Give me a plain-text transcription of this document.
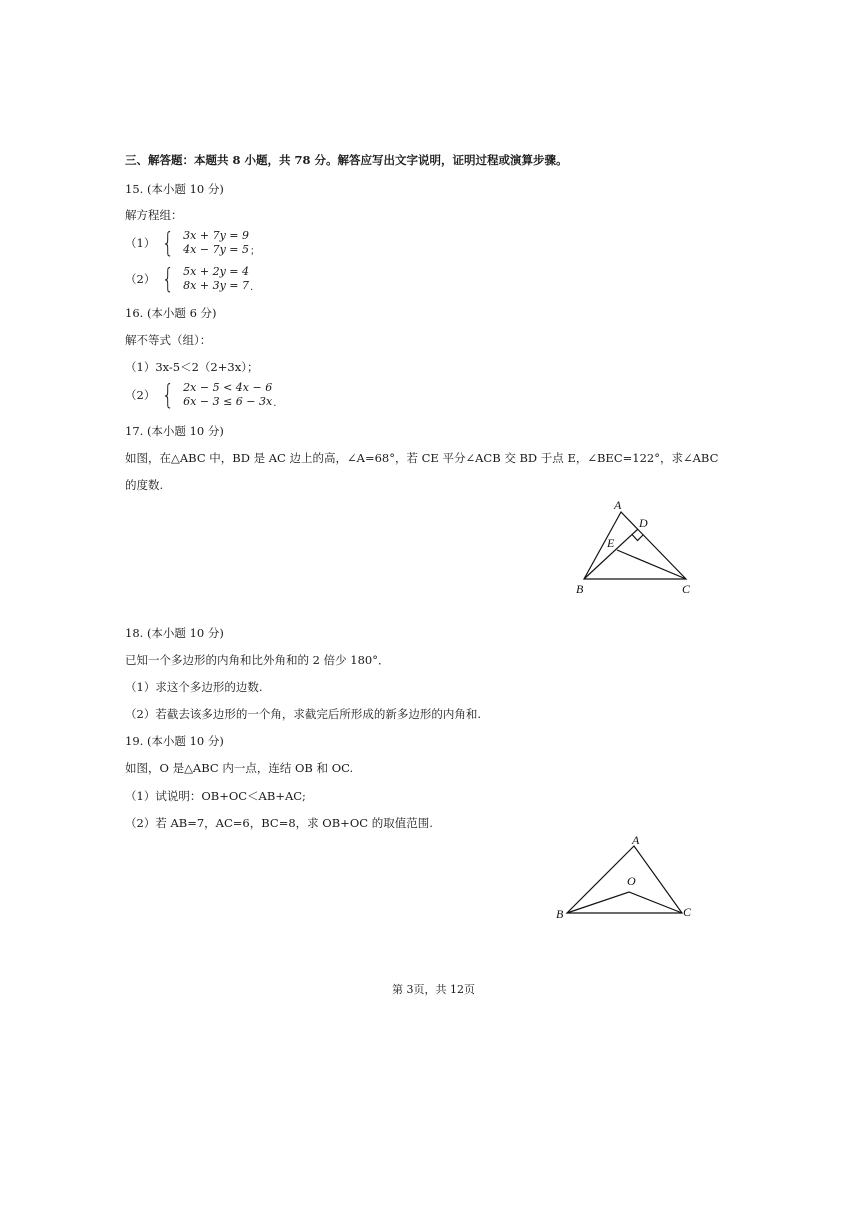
三、解答题：本题共 8 小题，共 78 分。解答应写出文字说明，证明过程或演算步骤。
15. (本小题 10 分)
解方程组：
（1） { 3x + 7y = 9
4x − 7y = 5 ；
（2） { 5x + 2y = 4
8x + 3y = 7 .
16. (本小题 6 分)
解不等式（组）：
（1）3x-5＜2（2+3x）；
（2） { 2x − 5 < 4x − 6
6x − 3 ≤ 6 − 3x .
17. (本小题 10 分)
如图，在△ABC 中，BD 是 AC 边上的高，∠A=68°，若 CE 平分∠ACB 交 BD 于点 E，∠BEC=122°，求∠ABC
的度数.
A
D
E
B	C
18. (本小题 10 分)
已知一个多边形的内角和比外角和的 2 倍少 180°．
（1）求这个多边形的边数.
（2）若截去该多边形的一个角，求截完后所形成的新多边形的内角和.
19. (本小题 10 分)
如图，O 是△ABC 内一点，连结 OB 和 OC.
（1）试说明：OB+OC＜AB+AC;
（2）若 AB=7，AC=6，BC=8，求 OB+OC 的取值范围.
A
O
B	C
第 3页，共 12页
